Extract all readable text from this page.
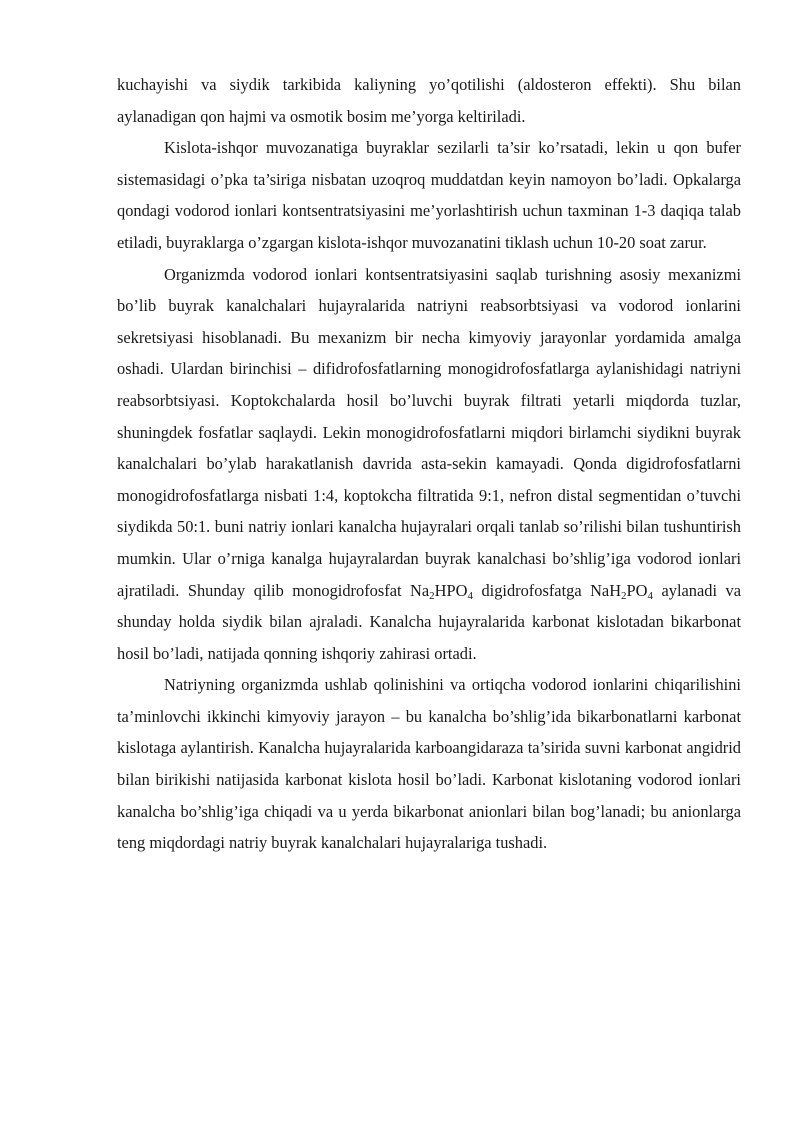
kuchayishi va siydik tarkibida kaliyning yo’qotilishi (aldosteron effekti). Shu bilan aylanadigan qon hajmi va osmotik bosim me’yorga keltiriladi.

Kislota-ishqor muvozanatiga buyraklar sezilarli ta’sir ko’rsatadi, lekin u qon bufer sistemasidagi o’pka ta’siriga nisbatan uzoqroq muddatdan keyin namoyon bo’ladi. Opkalarga qondagi vodorod ionlari kontsentratsiyasini me’yorlashtirish uchun taxminan 1-3 daqiqa talab etiladi, buyraklarga o’zgargan kislota-ishqor muvozanatini tiklash uchun 10-20 soat zarur.

Organizmda vodorod ionlari kontsentratsiyasini saqlab turishning asosiy mexanizmi bo’lib buyrak kanalchalari hujayralarida natriyni reabsorbtsiyasi va vodorod ionlarini sekretsiyasi hisoblanadi. Bu mexanizm bir necha kimyoviy jarayonlar yordamida amalga oshadi. Ulardan birinchisi – difidrofosfatlarning monogidrofosfatlarga aylanishidagi natriyni reabsorbtsiyasi. Koptokchalarda hosil bo’luvchi buyrak filtrati yetarli miqdorda tuzlar, shuningdek fosfatlar saqlaydi. Lekin monogidrofosfatlarni miqdori birlamchi siydikni buyrak kanalchalari bo’ylab harakatlanish davrida asta-sekin kamayadi. Qonda digidrofosfatlarni monogidrofosfatlarga nisbati 1:4, koptokcha filtratida 9:1, nefron distal segmentidan o’tuvchi siydikda 50:1. buni natriy ionlari kanalcha hujayralari orqali tanlab so’rilishi bilan tushuntirish mumkin. Ular o’rniga kanalga hujayralardan buyrak kanalchasi bo’shlig’iga vodorod ionlari ajratiladi. Shunday qilib monogidrofosfat $Na_2HPO_4$ digidrofosfatga $NaH_2PO_4$ aylanadi va shunday holda siydik bilan ajraladi. Kanalcha hujayralarida karbonat kislotadan bikarbonat hosil bo’ladi, natijada qonning ishqoriy zahirasi ortadi.

Natriyning organizmda ushlab qolinishini va ortiqcha vodorod ionlarini chiqarilishini ta’minlovchi ikkinchi kimyoviy jarayon – bu kanalcha bo’shlig’ida bikarbonatlarni karbonat kislotaga aylantirish. Kanalcha hujayralarida karboangidaraza ta’sirida suvni karbonat angidrid bilan birikishi natijasida karbonat kislota hosil bo’ladi. Karbonat kislotaning vodorod ionlari kanalcha bo’shlig’iga chiqadi va u yerda bikarbonat anionlari bilan bog’lanadi; bu anionlarga teng miqdordagi natriy buyrak kanalchalari hujayralariga tushadi.
